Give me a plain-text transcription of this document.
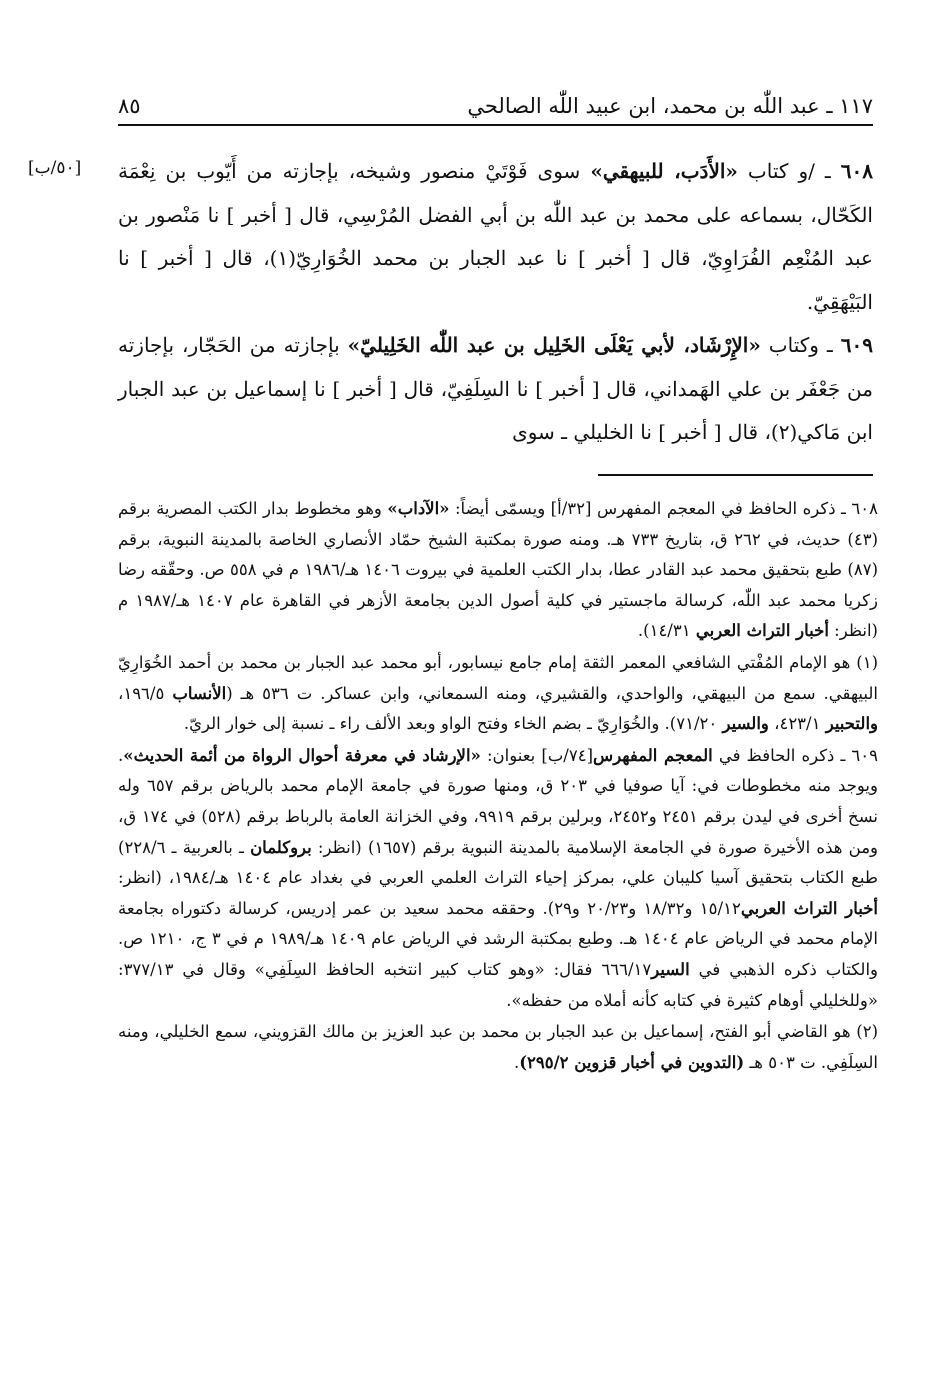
٨٥	١١٧ ـ عبد اللّٰه بن محمد، ابن عبيد اللّٰه الصالحي
[٥٠/ب]	٦٠٨ ـ /و كتاب «الأَدَب، للبيهقي» سوى فَوْتَيْ منصور وشيخه، بإجازته من أَيّوب بن نِعْمَة الكَحّال، بسماعه على محمد بن عبد اللّٰه بن أبي الفضل المُرْسِي، قال [ أخبر ] نا مَنْصور بن عبد المُنْعِم الفُرَاوِيّ، قال [ أخبر ] نا عبد الجبار بن محمد الخُوَارِيّ(١)، قال [ أخبر ] نا البَيْهَقِيّ.

٦٠٩ ـ وكتاب «الإِرْشَاد، لأبي يَعْلَى الخَلِيل بن عبد اللّٰه الخَلِيليّ» بإجازته من الحَجّار، بإجازته من جَعْفَر بن علي الهَمداني، قال [ أخبر ] نا السِلَفِيّ، قال [ أخبر ] نا إسماعيل بن عبد الجبار ابن مَاكي(٢)، قال [ أخبر ] نا الخليلي ـ سوى

٦٠٨ ـ ذكره الحافظ في المعجم المفهرس [٣٢/أ] ويسمّى أيضاً: «الآداب» وهو مخطوط بدار الكتب المصرية برقم (٤٣) حديث، في ٢٦٢ ق، بتاريخ ٧٣٣ هـ. ومنه صورة بمكتبة الشيخ حمّاد الأنصاري الخاصة بالمدينة النبوية، برقم (٨٧) طبع بتحقيق محمد عبد القادر عطا، بدار الكتب العلمية في بيروت ١٤٠٦ هـ/١٩٨٦ م في ٥٥٨ ص. وحقّقه رضا زكريا محمد عبد اللّٰه، كرسالة ماجستير في كلية أصول الدين بجامعة الأزهر في القاهرة عام ١٤٠٧ هـ/١٩٨٧ م (انظر: أخبار التراث العربي ١٤/٣١).

(١) هو الإمام المُفْتي الشافعي المعمر الثقة إمام جامع نيسابور، أبو محمد عبد الجبار بن محمد بن أحمد الخُوَارِيّ البيهقي. سمع من البيهقي، والواحدي، والقشيري، ومنه السمعاني، وابن عساكر. ت ٥٣٦ هـ (الأنساب ١٩٦/٥، والتحبير ٤٢٣/١، والسير ٧١/٢٠). والخُوَارِيّ ـ بضم الخاء وفتح الواو وبعد الألف راء ـ نسبة إلى خوار الريّ.

٦٠٩ ـ ذكره الحافظ في المعجم المفهرس[٧٤/ب] بعنوان: «الإرشاد في معرفة أحوال الرواة من أئمة الحديث». ويوجد منه مخطوطات في: آيا صوفيا في ٢٠٣ ق، ومنها صورة في جامعة الإمام محمد بالرياض برقم ٦٥٧ وله نسخ أخرى في ليدن برقم ٢٤٥١ و٢٤٥٢، وبرلين برقم ٩٩١٩، وفي الخزانة العامة بالرباط برقم (٥٢٨) في ١٧٤ ق، ومن هذه الأخيرة صورة في الجامعة الإسلامية بالمدينة النبوية برقم (١٦٥٧) (انظر: بروكلمان ـ بالعربية ـ ٢٢٨/٦) طبع الكتاب بتحقيق آسيا كليبان علي، بمركز إحياء التراث العلمي العربي في بغداد عام ١٤٠٤ هـ/١٩٨٤، (انظر: أخبار التراث العربي١٥/١٢ و١٨/٣٢ و٢٠/٢٣ و٢٩). وحققه محمد سعيد بن عمر إدريس، كرسالة دكتوراه بجامعة الإمام محمد في الرياض عام ١٤٠٤ هـ. وطبع بمكتبة الرشد في الرياض عام ١٤٠٩ هـ/١٩٨٩ م في ٣ ج، ١٢١٠ ص. والكتاب ذكره الذهبي في السير٦٦٦/١٧ فقال: «وهو كتاب كبير انتخبه الحافظ السِلَفِي» وقال في ٣٧٧/١٣: «وللخليلي أوهام كثيرة في كتابه كأنه أملاه من حفظه».

(٢) هو القاضي أبو الفتح، إسماعيل بن عبد الجبار بن محمد بن عبد العزيز بن مالك القزويني، سمع الخليلي، ومنه السِلَفِي. ت ٥٠٣ هـ (التدوين في أخبار قزوين ٢٩٥/٢).
